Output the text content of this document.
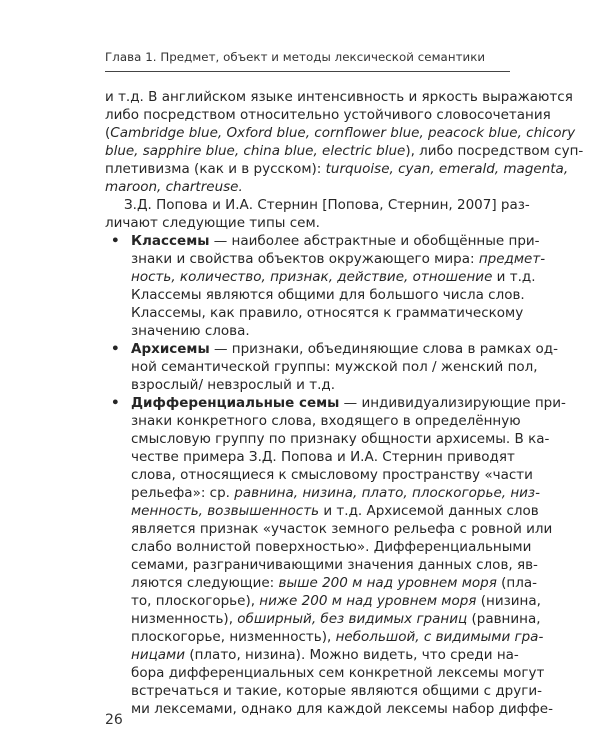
Глава 1. Предмет, объект и методы лексической семантики
и т.д. В английском языке интенсивность и яркость выражаются
либо посредством относительно устойчивого словосочетания
(Cambridge blue, Oxford blue, cornflower blue, peacock blue, chicory
blue, sapphire blue, china blue, electric blue), либо посредством суп-
плетивизма (как и в русском): turquoise, cyan, emerald, magenta,
maroon, chartreuse.
З.Д. Попова и И.А. Стернин [Попова, Стернин, 2007] раз-
личают следующие типы сем.
• Классемы — наиболее абстрактные и обобщённые при-
знаки и свойства объектов окружающего мира: предмет-
ность, количество, признак, действие, отношение и т.д.
Классемы являются общими для большого числа слов.
Классемы, как правило, относятся к грамматическому
значению слова.
• Архисемы — признаки, объединяющие слова в рамках од-
ной семантической группы: мужской пол / женский пол,
взрослый/ невзрослый и т.д.
• Дифференциальные семы — индивидуализирующие при-
знаки конкретного слова, входящего в определённую
смысловую группу по признаку общности архисемы. В ка-
честве примера З.Д. Попова и И.А. Стернин приводят
слова, относящиеся к смысловому пространству «части
рельефа»: ср. равнина, низина, плато, плоскогорье, низ-
менность, возвышенность и т.д. Архисемой данных слов
является признак «участок земного рельефа с ровной или
слабо волнистой поверхностью». Дифференциальными
семами, разграничивающими значения данных слов, яв-
ляются следующие: выше 200 м над уровнем моря (пла-
то, плоскогорье), ниже 200 м над уровнем моря (низина,
низменность), обширный, без видимых границ (равнина,
плоскогорье, низменность), небольшой, с видимыми гра-
ницами (плато, низина). Можно видеть, что среди на-
бора дифференциальных сем конкретной лексемы могут
встречаться и такие, которые являются общими с други-
ми лексемами, однако для каждой лексемы набор диффе-
26
